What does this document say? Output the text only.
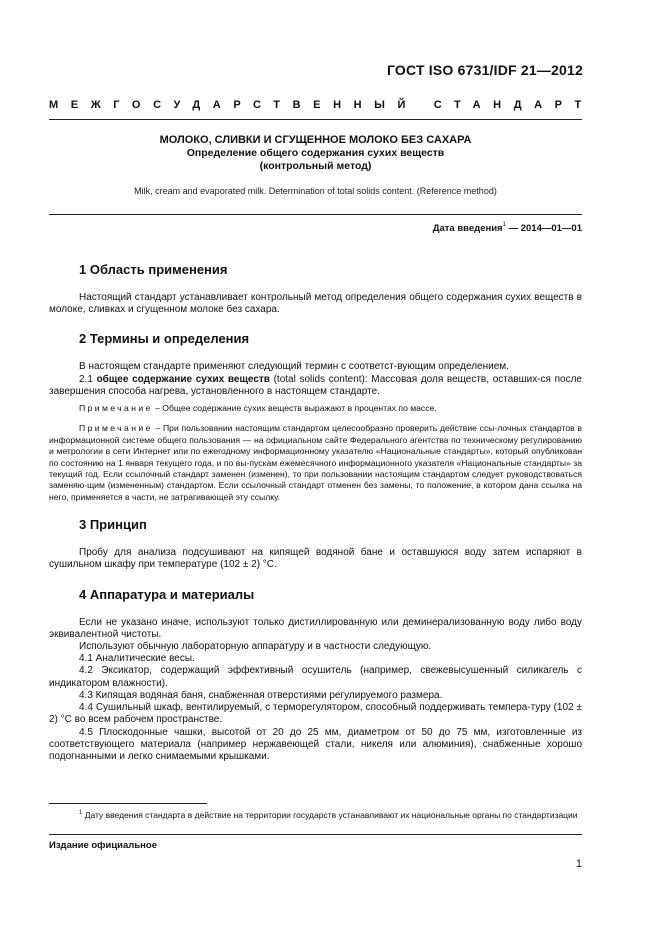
ГОСТ ISO 6731/IDF 21—2012
МЕЖГОСУДАРСТВЕННЫЙ СТАНДАРТ
МОЛОКО, СЛИВКИ И СГУЩЕННОЕ МОЛОКО БЕЗ САХАРА
Определение общего содержания сухих веществ
(контрольный метод)
Milk, cream and evaporated milk. Determination of total solids content. (Reference method)
Дата введения$^1$ — 2014—01—01
1 Область применения

Настоящий стандарт устанавливает контрольный метод определения общего содержания сухих веществ в молоке, сливках и сгущенном молоке без сахара.

2 Термины и определения

В настоящем стандарте применяют следующий термин с соответст-вующим определением.

2.1 общее содержание сухих веществ (total solids content): Массовая доля веществ, оставших-ся после завершения способа нагрева, установленного в настоящем стандарте.

Примечание – Общее содержание сухих веществ выражают в процентах по массе.

Примечание – При пользовании настоящим стандартом целесообразно проверить действие ссы-лочных стандартов в информационной системе общего пользования — на официальном сайте Федерального агентства по техническому регулированию и метрологии в сети Интернет или по ежегодному информационному указателю «Национальные стандарты», который опубликован по состоянию на 1 января текущего года, и по вы-пускам ежемесячного информационного указателя «Национальные стандарты» за текущий год. Если ссылочный стандарт заменен (изменен), то при пользовании настоящим стандартом следует руководствоваться заменяю-щим (измененным) стандартом. Если ссылочный стандарт отменен без замены, то положение, в котором дана ссылка на него, применяется в части, не затрагивающей эту ссылку.

3 Принцип

Пробу для анализа подсушивают на кипящей водяной бане и оставшуюся воду затем испаряют в сушильном шкафу при температуре (102 ± 2) °С.

4 Аппаратура и материалы

Если не указано иначе, используют только дистиллированную или деминерализованную воду либо воду эквивалентной чистоты.

Используют обычную лабораторную аппаратуру и в частности следующую.

4.1 Аналитические весы.

4.2 Эксикатор, содержащий эффективный осушитель (например, свежевысушенный силикагель с индикатором влажности).

4.3 Кипящая водяная баня, снабженная отверстиями регулируемого размера.

4.4 Сушильный шкаф, вентилируемый, с терморегулятором, способный поддерживать темпера-туру (102 ± 2) °С во всем рабочем пространстве.

4.5 Плоскодонные чашки, высотой от 20 до 25 мм, диаметром от 50 до 75 мм, изготовленные из соответствующего материала (например нержавеющей стали, никеля или алюминия), снабженные хорошо подогнанными и легко снимаемыми крышками.

$^1$ Дату введения стандарта в действие на территории государств устанавливают их национальные органы по стандартизации
Издание официальное
1
